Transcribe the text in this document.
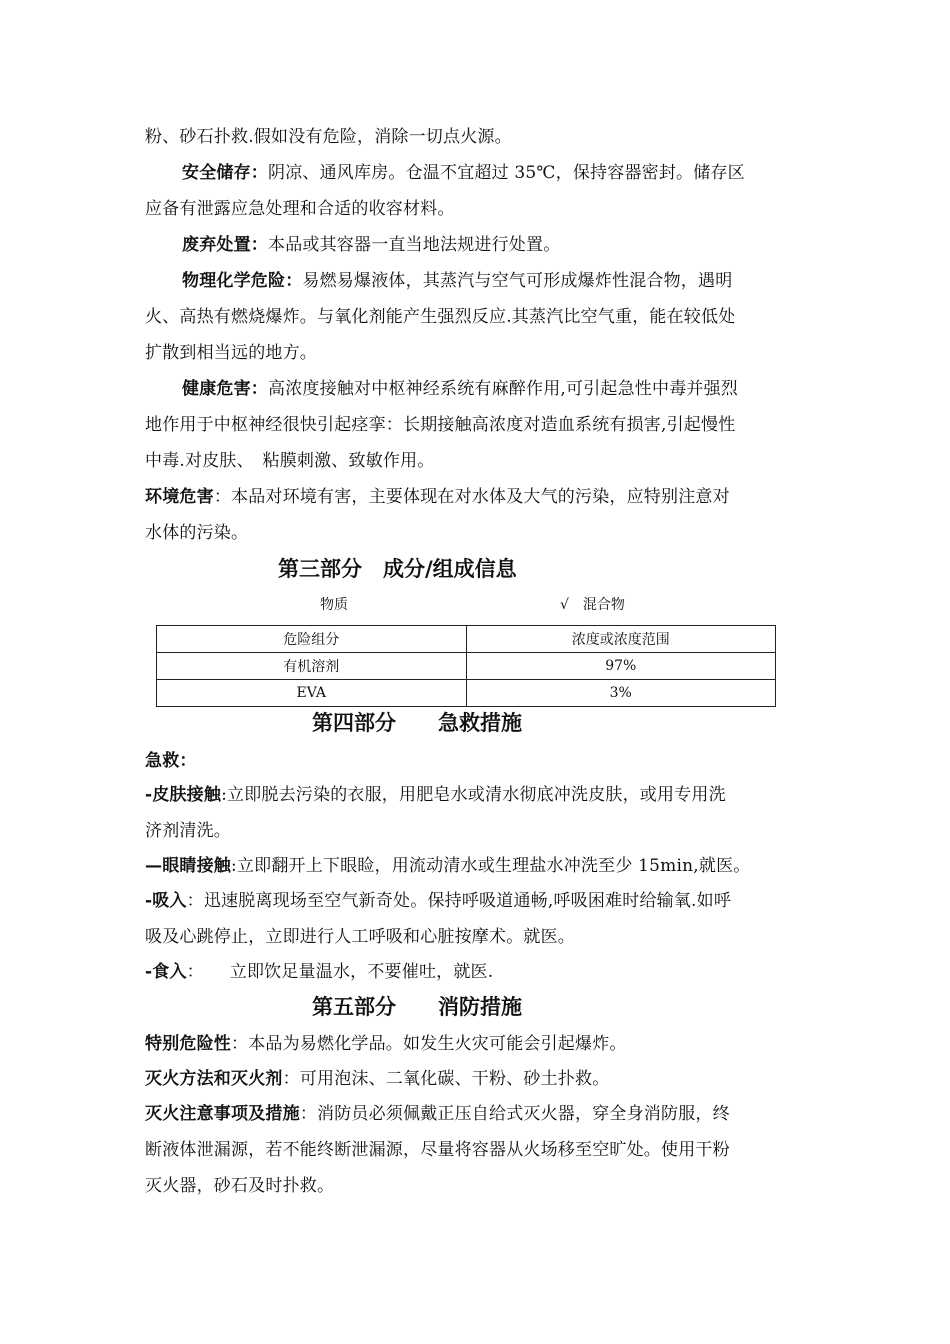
粉、砂石扑救.假如没有危险，消除一切点火源。
安全储存：阴凉、通风库房。仓温不宜超过 35℃，保持容器密封。储存区
应备有泄露应急处理和合适的收容材料。
废弃处置：本品或其容器一直当地法规进行处置。
物理化学危险：易燃易爆液体，其蒸汽与空气可形成爆炸性混合物，遇明
火、高热有燃烧爆炸。与氧化剂能产生强烈反应.其蒸汽比空气重，能在较低处
扩散到相当远的地方。
健康危害：高浓度接触对中枢神经系统有麻醉作用,可引起急性中毒并强烈
地作用于中枢神经很快引起痉挛：长期接触高浓度对造血系统有损害,引起慢性
中毒.对皮肤、　粘膜刺激、致敏作用。
环境危害：本品对环境有害，主要体现在对水体及大气的污染，应特别注意对
水体的污染。
第三部分　成分/组成信息
物质	√　混合物
危险组分	浓度或浓度范围
有机溶剂	97%
EVA	3%
第四部分　　急救措施
急救：
-皮肤接触:立即脱去污染的衣服，用肥皂水或清水彻底冲洗皮肤，或用专用洗
济剂清洗。
—眼睛接触:立即翻开上下眼睑，用流动清水或生理盐水冲洗至少 15min,就医。
-吸入：迅速脱离现场至空气新奇处。保持呼吸道通畅,呼吸困难时给输氧.如呼
吸及心跳停止，立即进行人工呼吸和心脏按摩术。就医。
-食入：　　立即饮足量温水，不要催吐，就医.
第五部分　　消防措施
特别危险性：本品为易燃化学品。如发生火灾可能会引起爆炸。
灭火方法和灭火剂：可用泡沫、二氧化碳、干粉、砂土扑救。
灭火注意事项及措施：消防员必须佩戴正压自给式灭火器，穿全身消防服，终
断液体泄漏源，若不能终断泄漏源，尽量将容器从火场移至空旷处。使用干粉
灭火器，砂石及时扑救。
